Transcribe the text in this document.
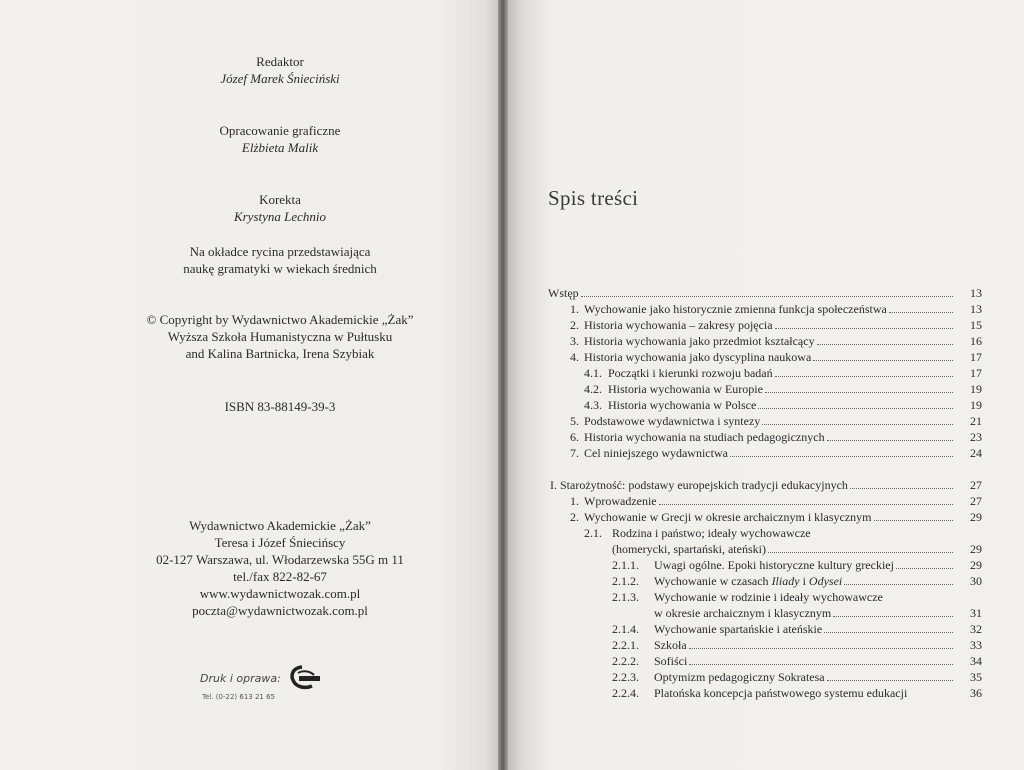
Redaktor
Józef Marek Śnieciński
Opracowanie graficzne
Elżbieta Malik
Korekta
Krystyna Lechnio
Na okładce rycina przedstawiająca
naukę gramatyki w wiekach średnich
© Copyright by Wydawnictwo Akademickie „Żak”
Wyższa Szkoła Humanistyczna w Pułtusku
and Kalina Bartnicka, Irena Szybiak
ISBN 83-88149-39-3
Wydawnictwo Akademickie „Żak”
Teresa i Józef Śniecińscy
02-127 Warszawa, ul. Włodarzewska 55G m 11
tel./fax 822-82-67
www.wydawnictwozak.com.pl
poczta@wydawnictwozak.com.pl
Druk i oprawa:
Tel. (0-22) 613 21 65
Spis treści
Wstęp	13
1. Wychowanie jako historycznie zmienna funkcja społeczeństwa	13
2. Historia wychowania – zakresy pojęcia	15
3. Historia wychowania jako przedmiot kształcący	16
4. Historia wychowania jako dyscyplina naukowa	17
4.1. Początki i kierunki rozwoju badań	17
4.2. Historia wychowania w Europie	19
4.3. Historia wychowania w Polsce	19
5. Podstawowe wydawnictwa i syntezy	21
6. Historia wychowania na studiach pedagogicznych	23
7. Cel niniejszego wydawnictwa	24
I. Starożytność: podstawy europejskich tradycji edukacyjnych	27
1. Wprowadzenie	27
2. Wychowanie w Grecji w okresie archaicznym i klasycznym	29
2.1. Rodzina i państwo; ideały wychowawcze
(homerycki, spartański, ateński)	29
2.1.1.	Uwagi ogólne. Epoki historyczne kultury greckiej	29
2.1.2.	Wychowanie w czasach Iliady i Odysei	30
2.1.3.	Wychowanie w rodzinie i ideały wychowawcze
w okresie archaicznym i klasycznym	31
2.1.4.	Wychowanie spartańskie i ateńskie	32
2.2.1.	Szkoła	33
2.2.2.	Sofiści	34
2.2.3.	Optymizm pedagogiczny Sokratesa	35
2.2.4.	Platońska koncepcja państwowego systemu edukacji	36
